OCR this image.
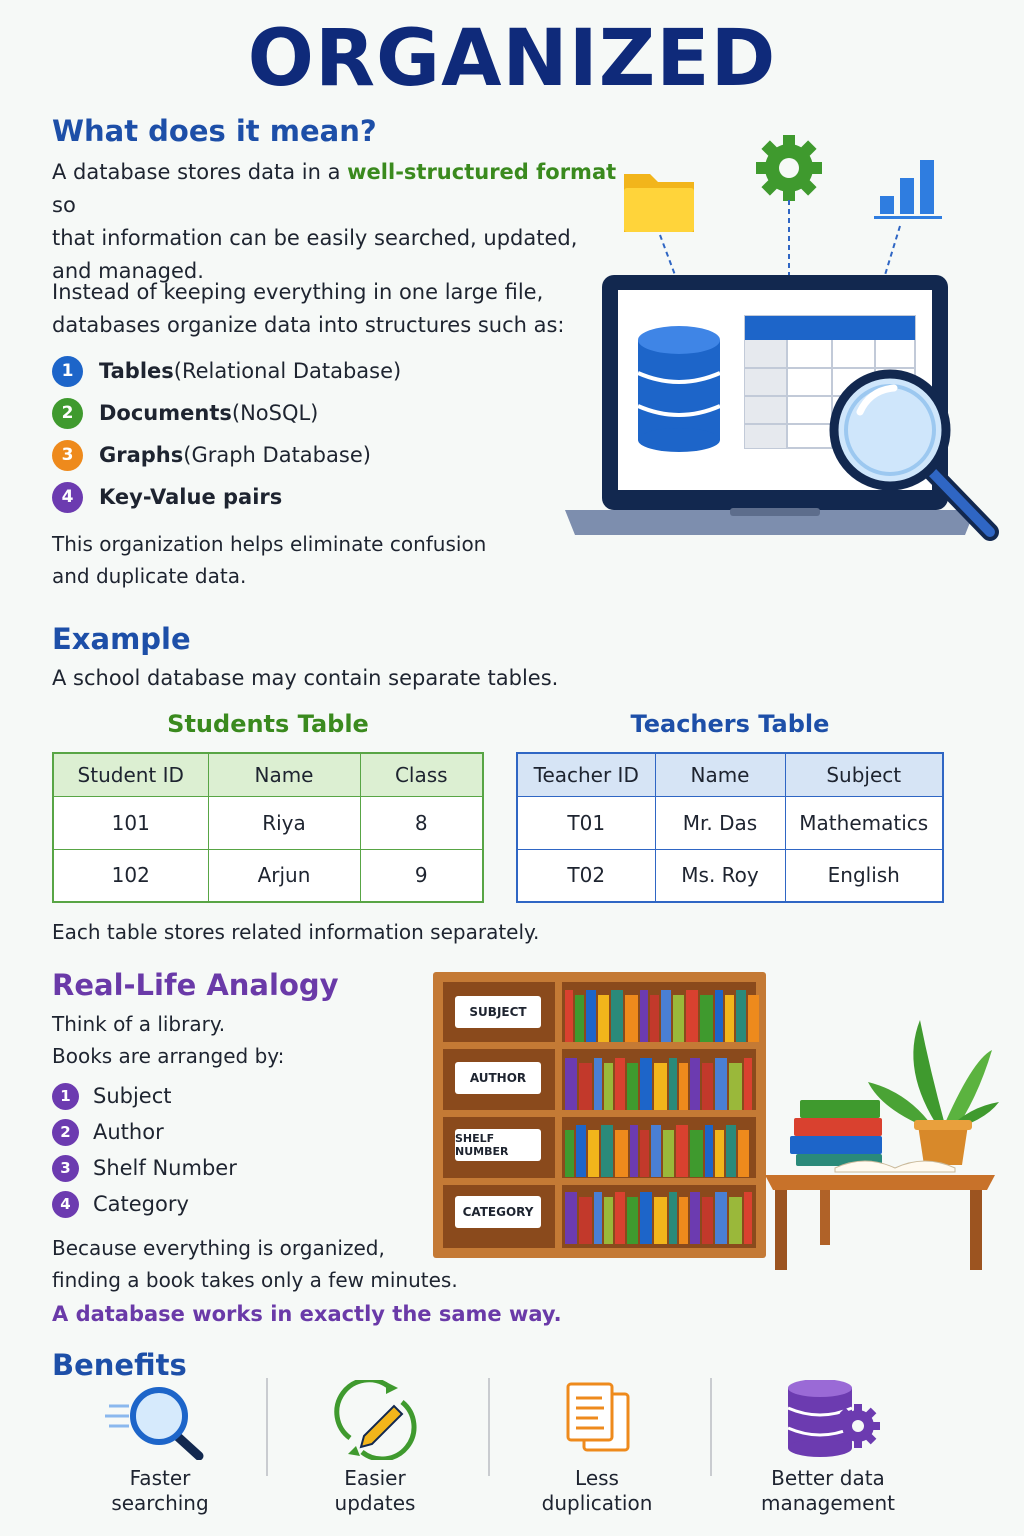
ORGANIZED
What does it mean?
A database stores data in a well-structured format so
that information can be easily searched, updated,
and managed.
Instead of keeping everything in one large file,
databases organize data into structures such as:
1	Tables (Relational Database)
2	Documents (NoSQL)
3	Graphs (Graph Database)
4	Key-Value pairs
This organization helps eliminate confusion
and duplicate data.
Example
A school database may contain separate tables.
Students Table
Student ID	Name	Class
101	Riya	8
102	Arjun	9
Teachers Table
Teacher ID	Name	Subject
T01	Mr. Das	Mathematics
T02	Ms. Roy	English
Each table stores related information separately.
Real-Life Analogy
Think of a library.
Books are arranged by:
1	Subject
2	Author
3	Shelf Number
4	Category
Because everything is organized,
finding a book takes only a few minutes.
A database works in exactly the same way.
SUBJECT
AUTHOR
SHELF NUMBER
CATEGORY
Benefits
Faster
searching
Easier
updates
Less
duplication
Better data
management
